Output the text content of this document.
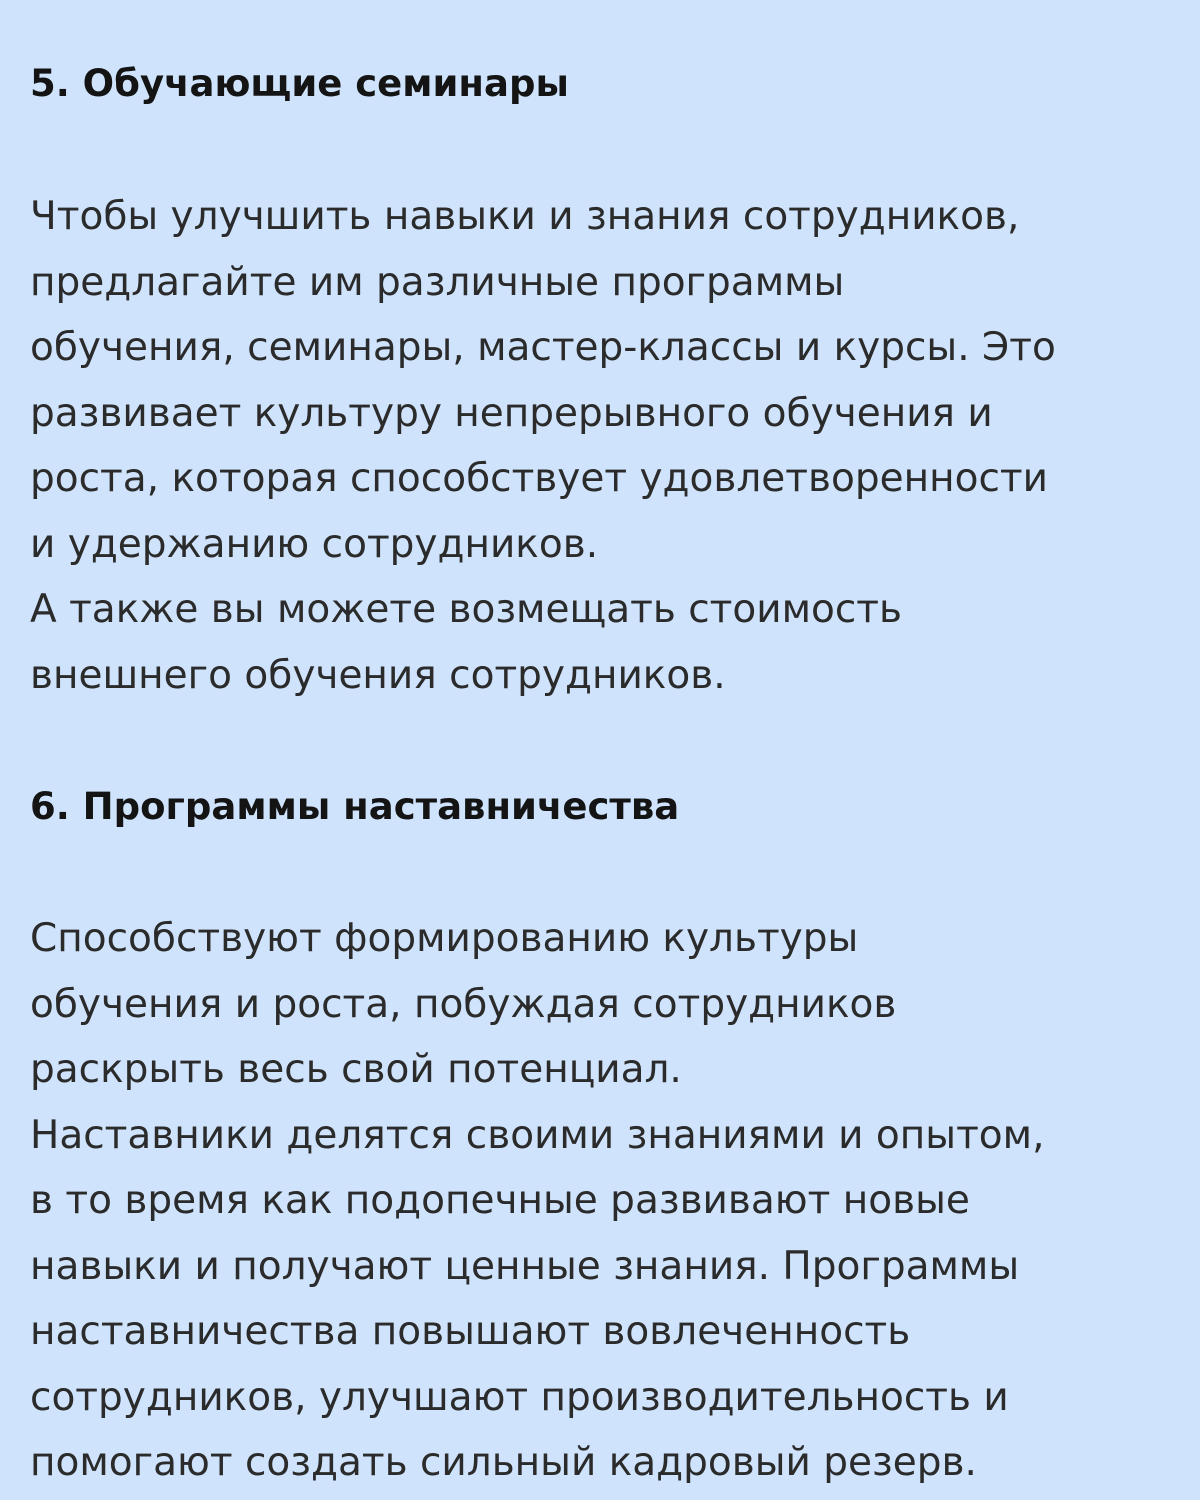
5. Обучающие семинары

Чтобы улучшить навыки и знания сотрудников,
предлагайте им различные программы
обучения, семинары, мастер-классы и курсы. Это
развивает культуру непрерывного обучения и
роста, которая способствует удовлетворенности
и удержанию сотрудников.
А также вы можете возмещать стоимость
внешнего обучения сотрудников.

6. Программы наставничества

Способствуют формированию культуры
обучения и роста, побуждая сотрудников
раскрыть весь свой потенциал.
Наставники делятся своими знаниями и опытом,
в то время как подопечные развивают новые
навыки и получают ценные знания. Программы
наставничества повышают вовлеченность
сотрудников, улучшают производительность и
помогают создать сильный кадровый резерв.
